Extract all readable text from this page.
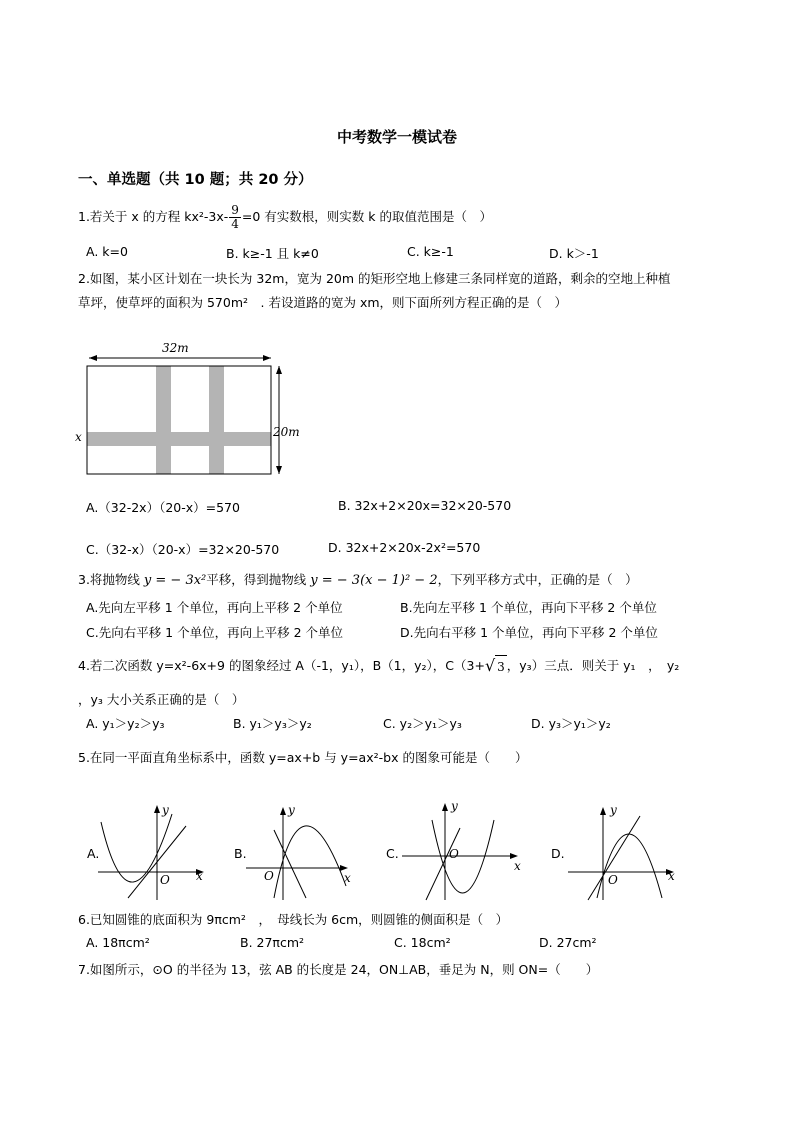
中考数学一模试卷
一、单选题（共 10 题；共 20 分）
1.若关于 x 的方程 $kx^2-3x- \frac{9}{4} =0$ 有实数根，则实数 k 的取值范围是（　）
A. k=0	B. k≥-1 且 k≠0	C. k≥-1	D. k＞-1
2.如图，某小区计划在一块长为 32m，宽为 20m 的矩形空地上修建三条同样宽的道路，剩余的空地上种植
草坪，使草坪的面积为 570m²　. 若设道路的宽为 xm，则下面所列方程正确的是（　）
32m
20m
x
A.（32-2x）（20-x）=570	B. 32x+2×20x=32×20-570
C.（32-x）（20-x）=32×20-570	D. 32x+2×20x-2x²=570
3.将抛物线 y = − 3x²平移，得到抛物线 y = − 3(x − 1)² − 2，下列平移方式中，正确的是（　）
A.先向左平移 1 个单位，再向上平移 2 个单位	B.先向左平移 1 个单位，再向下平移 2 个单位
C.先向右平移 1 个单位，再向上平移 2 个单位	D.先向右平移 1 个单位，再向下平移 2 个单位
4.若二次函数 y=x²-6x+9 的图象经过 A（-1，y₁），B（1，y₂），C（3+√ 3 ，y₃）三点．则关于 y₁　，　y₂
，y₃ 大小关系正确的是（　）
A. y₁＞y₂＞y₃	B. y₁＞y₃＞y₂	C. y₂＞y₁＞y₃	D. y₃＞y₁＞y₂
5.在同一平面直角坐标系中，函数 y=ax+b 与 y=ax²-bx 的图象可能是（　　）
A.	B.	C.	D.
x
y
O	x
y
O
x
y
O
x
y
O
6.已知圆锥的底面积为 9πcm²　，　母线长为 6cm，则圆锥的侧面积是（　）
A. 18πcm²	B. 27πcm²	C. 18cm²	D. 27cm²
7.如图所示，⊙O 的半径为 13，弦 AB 的长度是 24，ON⊥AB，垂足为 N，则 ON=（　　）
